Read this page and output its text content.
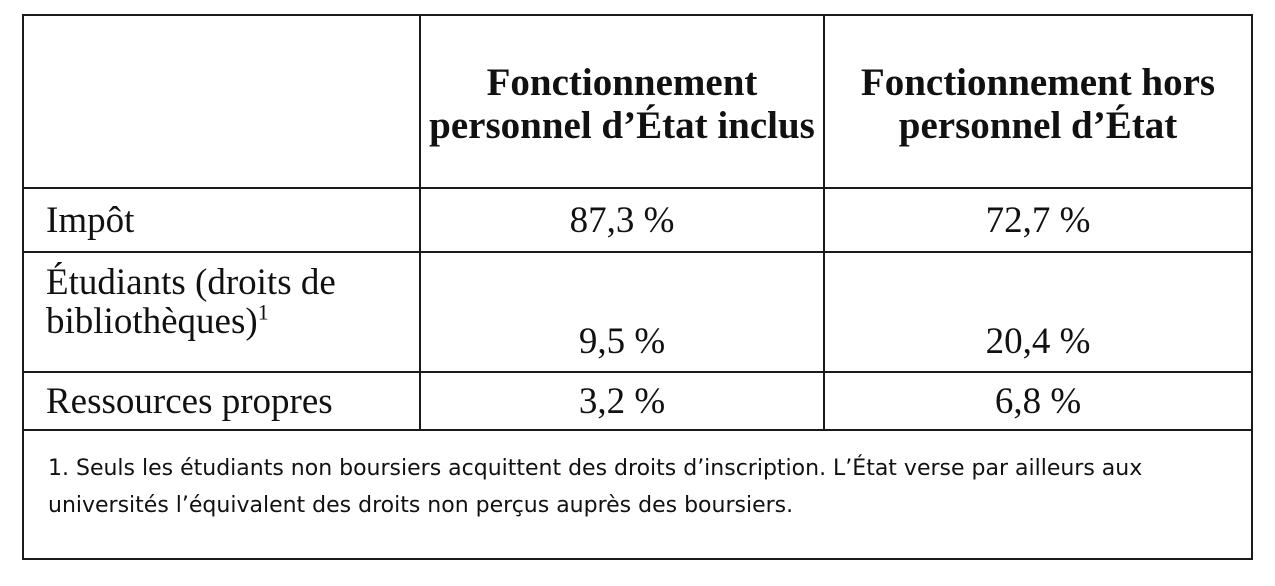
	Fonctionnement personnel d’État inclus	Fonctionnement hors personnel d’État
Impôt	87,3 %	72,7 %
Étudiants (droits de bibliothèques)$^1$	9,5 %	20,4 %
Ressources propres	3,2 %	6,8 %
1. Seuls les étudiants non boursiers acquittent des droits d’inscription. L’État verse par ailleurs aux universités l’équivalent des droits non perçus auprès des boursiers.
